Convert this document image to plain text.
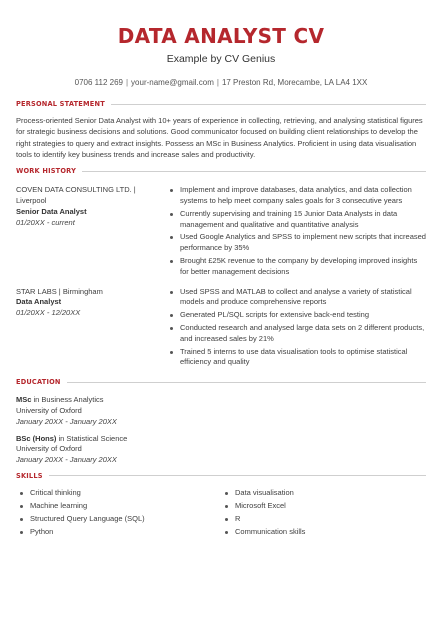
DATA ANALYST CV
Example by CV Genius
0706 112 269 | your-name@gmail.com | 17 Preston Rd, Morecambe, LA LA4 1XX
PERSONAL STATEMENT

Process-oriented Senior Data Analyst with 10+ years of experience in collecting, retrieving, and analysing statistical figures for strategic business decisions and solutions. Good communicator focused on building client relationships to develop the right strategies to query and extract insights. Possess an MSc in Business Analytics. Proficient in using data visualisation tools to identify key business trends and increase sales and productivity.

WORK HISTORY
COVEN DATA CONSULTING LTD. | Liverpool
Senior Data Analyst
01/20XX - current
Implement and improve databases, data analytics, and data collection systems to help meet company sales goals for 3 consecutive years
Currently supervising and training 15 Junior Data Analysts in data management and qualitative and quantitative analysis
Used Google Analytics and SPSS to implement new scripts that increased performance by 35%
Brought £25K revenue to the company by developing improved insights for better management decisions
STAR LABS | Birmingham
Data Analyst
01/20XX - 12/20XX
Used SPSS and MATLAB to collect and analyse a variety of statistical models and produce comprehensive reports
Generated PL/SQL scripts for extensive back-end testing
Conducted research and analysed large data sets on 2 different products, and increased sales by 21%
Trained 5 interns to use data visualisation tools to optimise statistical efficiency and quality
EDUCATION
MSc in Business Analytics
University of Oxford
January 20XX - January 20XX
BSc (Hons) in Statistical Science
University of Oxford
January 20XX - January 20XX
SKILLS
Critical thinking
Machine learning
Structured Query Language (SQL)
Python
Data visualisation
Microsoft Excel
R
Communication skills
